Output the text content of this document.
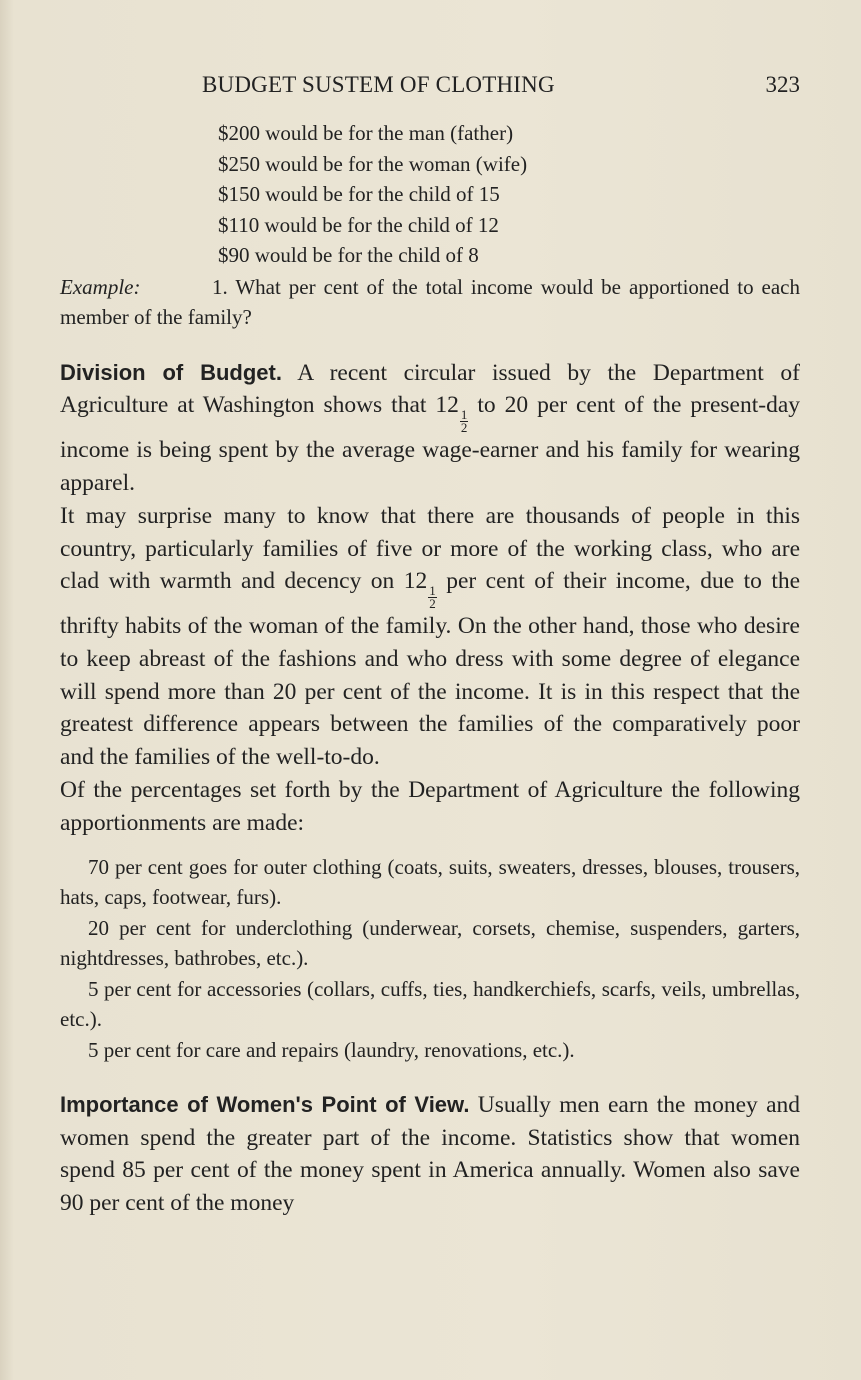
BUDGET SUSTEM OF CLOTHING	323
$200 would be for the man (father)
$250 would be for the woman (wife)
$150 would be for the child of 15
$110 would be for the child of 12
$90 would be for the child of 8

Example:	1. What per cent of the total income would be apportioned to each member of the family?

Division of Budget. A recent circular issued by the Department of Agriculture at Washington shows that 12
$\frac{1}{2}$
to 20 per cent of the present-day income is being spent by the average wage-earner and his family for wearing apparel.

It may surprise many to know that there are thousands of people in this country, particularly families of five or more of the working class, who are clad with warmth and decency on 12
$\frac{1}{2}$
per cent of their income, due to the thrifty habits of the woman of the family. On the other hand, those who desire to keep abreast of the fashions and who dress with some degree of elegance will spend more than 20 per cent of the income. It is in this respect that the greatest difference appears between the families of the comparatively poor and the families of the well-to-do.

Of the percentages set forth by the Department of Agriculture the following apportionments are made:

70 per cent goes for outer clothing (coats, suits, sweaters, dresses, blouses, trousers, hats, caps, footwear, furs).

20 per cent for underclothing (underwear, corsets, chemise, suspenders, garters, nightdresses, bathrobes, etc.).

5 per cent for accessories (collars, cuffs, ties, handkerchiefs, scarfs, veils, umbrellas, etc.).

5 per cent for care and repairs (laundry, renovations, etc.).

Importance of Women's Point of View. Usually men earn the money and women spend the greater part of the income. Statistics show that women spend 85 per cent of the money spent in America annually. Women also save 90 per cent of the money
